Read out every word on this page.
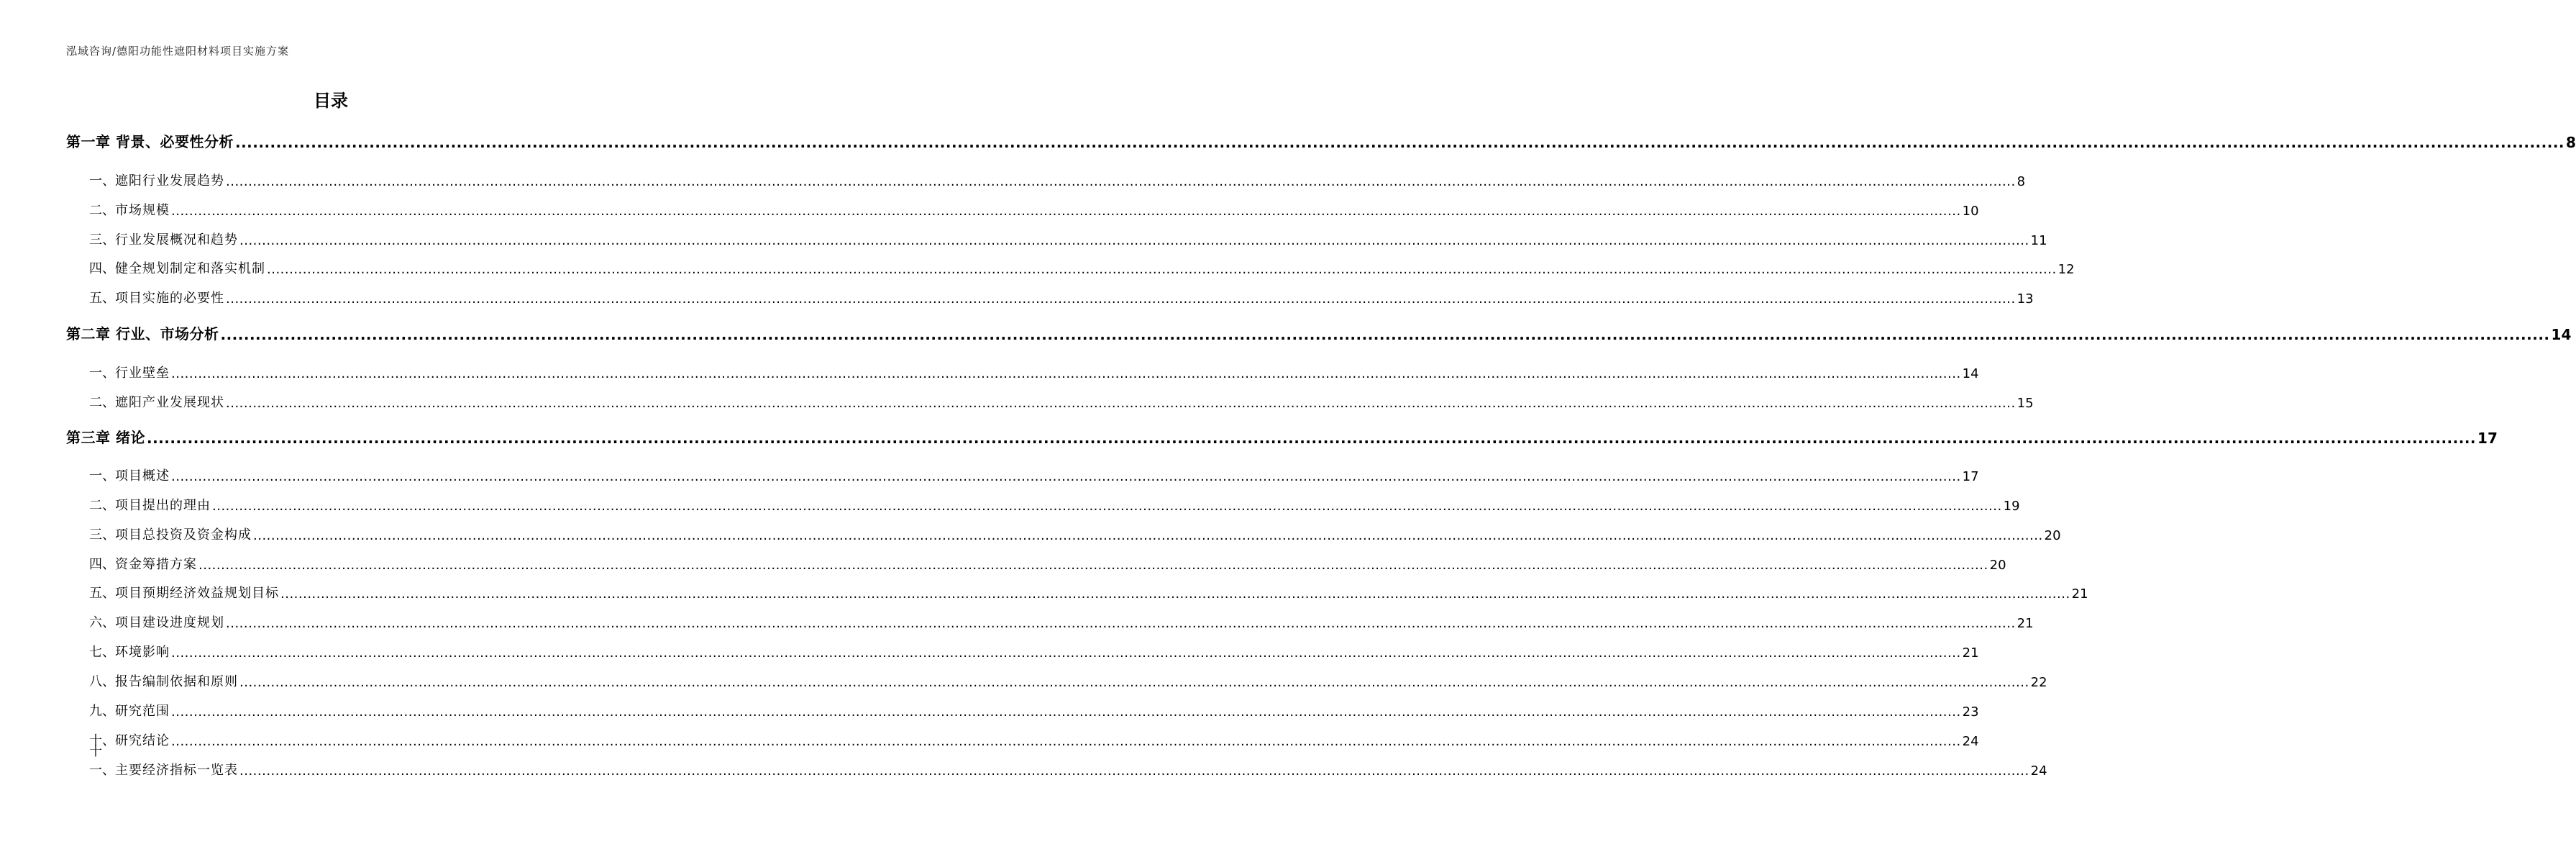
泓域咨询/德阳功能性遮阳材料项目实施方案
目录
第一章 背景、必要性分析 ................................................................................................................................................................................................................................................................................................................................................................................................................ 8
一、 遮阳行业发展趋势 ................................................................................................................................................................................................................................................................................................................................................................................................................ 8
二、 市场规模 ................................................................................................................................................................................................................................................................................................................................................................................................................ 10
三、 行业发展概况和趋势 ................................................................................................................................................................................................................................................................................................................................................................................................................ 11
四、 健全规划制定和落实机制 ................................................................................................................................................................................................................................................................................................................................................................................................................ 12
五、 项目实施的必要性 ................................................................................................................................................................................................................................................................................................................................................................................................................ 13
第二章 行业、市场分析 ................................................................................................................................................................................................................................................................................................................................................................................................................ 14
一、 行业壁垒 ................................................................................................................................................................................................................................................................................................................................................................................................................ 14
二、 遮阳产业发展现状 ................................................................................................................................................................................................................................................................................................................................................................................................................ 15
第三章 绪论 ................................................................................................................................................................................................................................................................................................................................................................................................................ 17
一、 项目概述 ................................................................................................................................................................................................................................................................................................................................................................................................................ 17
二、 项目提出的理由 ................................................................................................................................................................................................................................................................................................................................................................................................................ 19
三、 项目总投资及资金构成 ................................................................................................................................................................................................................................................................................................................................................................................................................ 20
四、 资金筹措方案 ................................................................................................................................................................................................................................................................................................................................................................................................................ 20
五、 项目预期经济效益规划目标 ................................................................................................................................................................................................................................................................................................................................................................................................................ 21
六、 项目建设进度规划 ................................................................................................................................................................................................................................................................................................................................................................................................................ 21
七、 环境影响 ................................................................................................................................................................................................................................................................................................................................................................................................................ 21
八、 报告编制依据和原则 ................................................................................................................................................................................................................................................................................................................................................................................................................ 22
九、 研究范围 ................................................................................................................................................................................................................................................................................................................................................................................................................ 23
十、 研究结论 ................................................................................................................................................................................................................................................................................................................................................................................................................ 24
十一、 主要经济指标一览表 ................................................................................................................................................................................................................................................................................................................................................................................................................ 24
